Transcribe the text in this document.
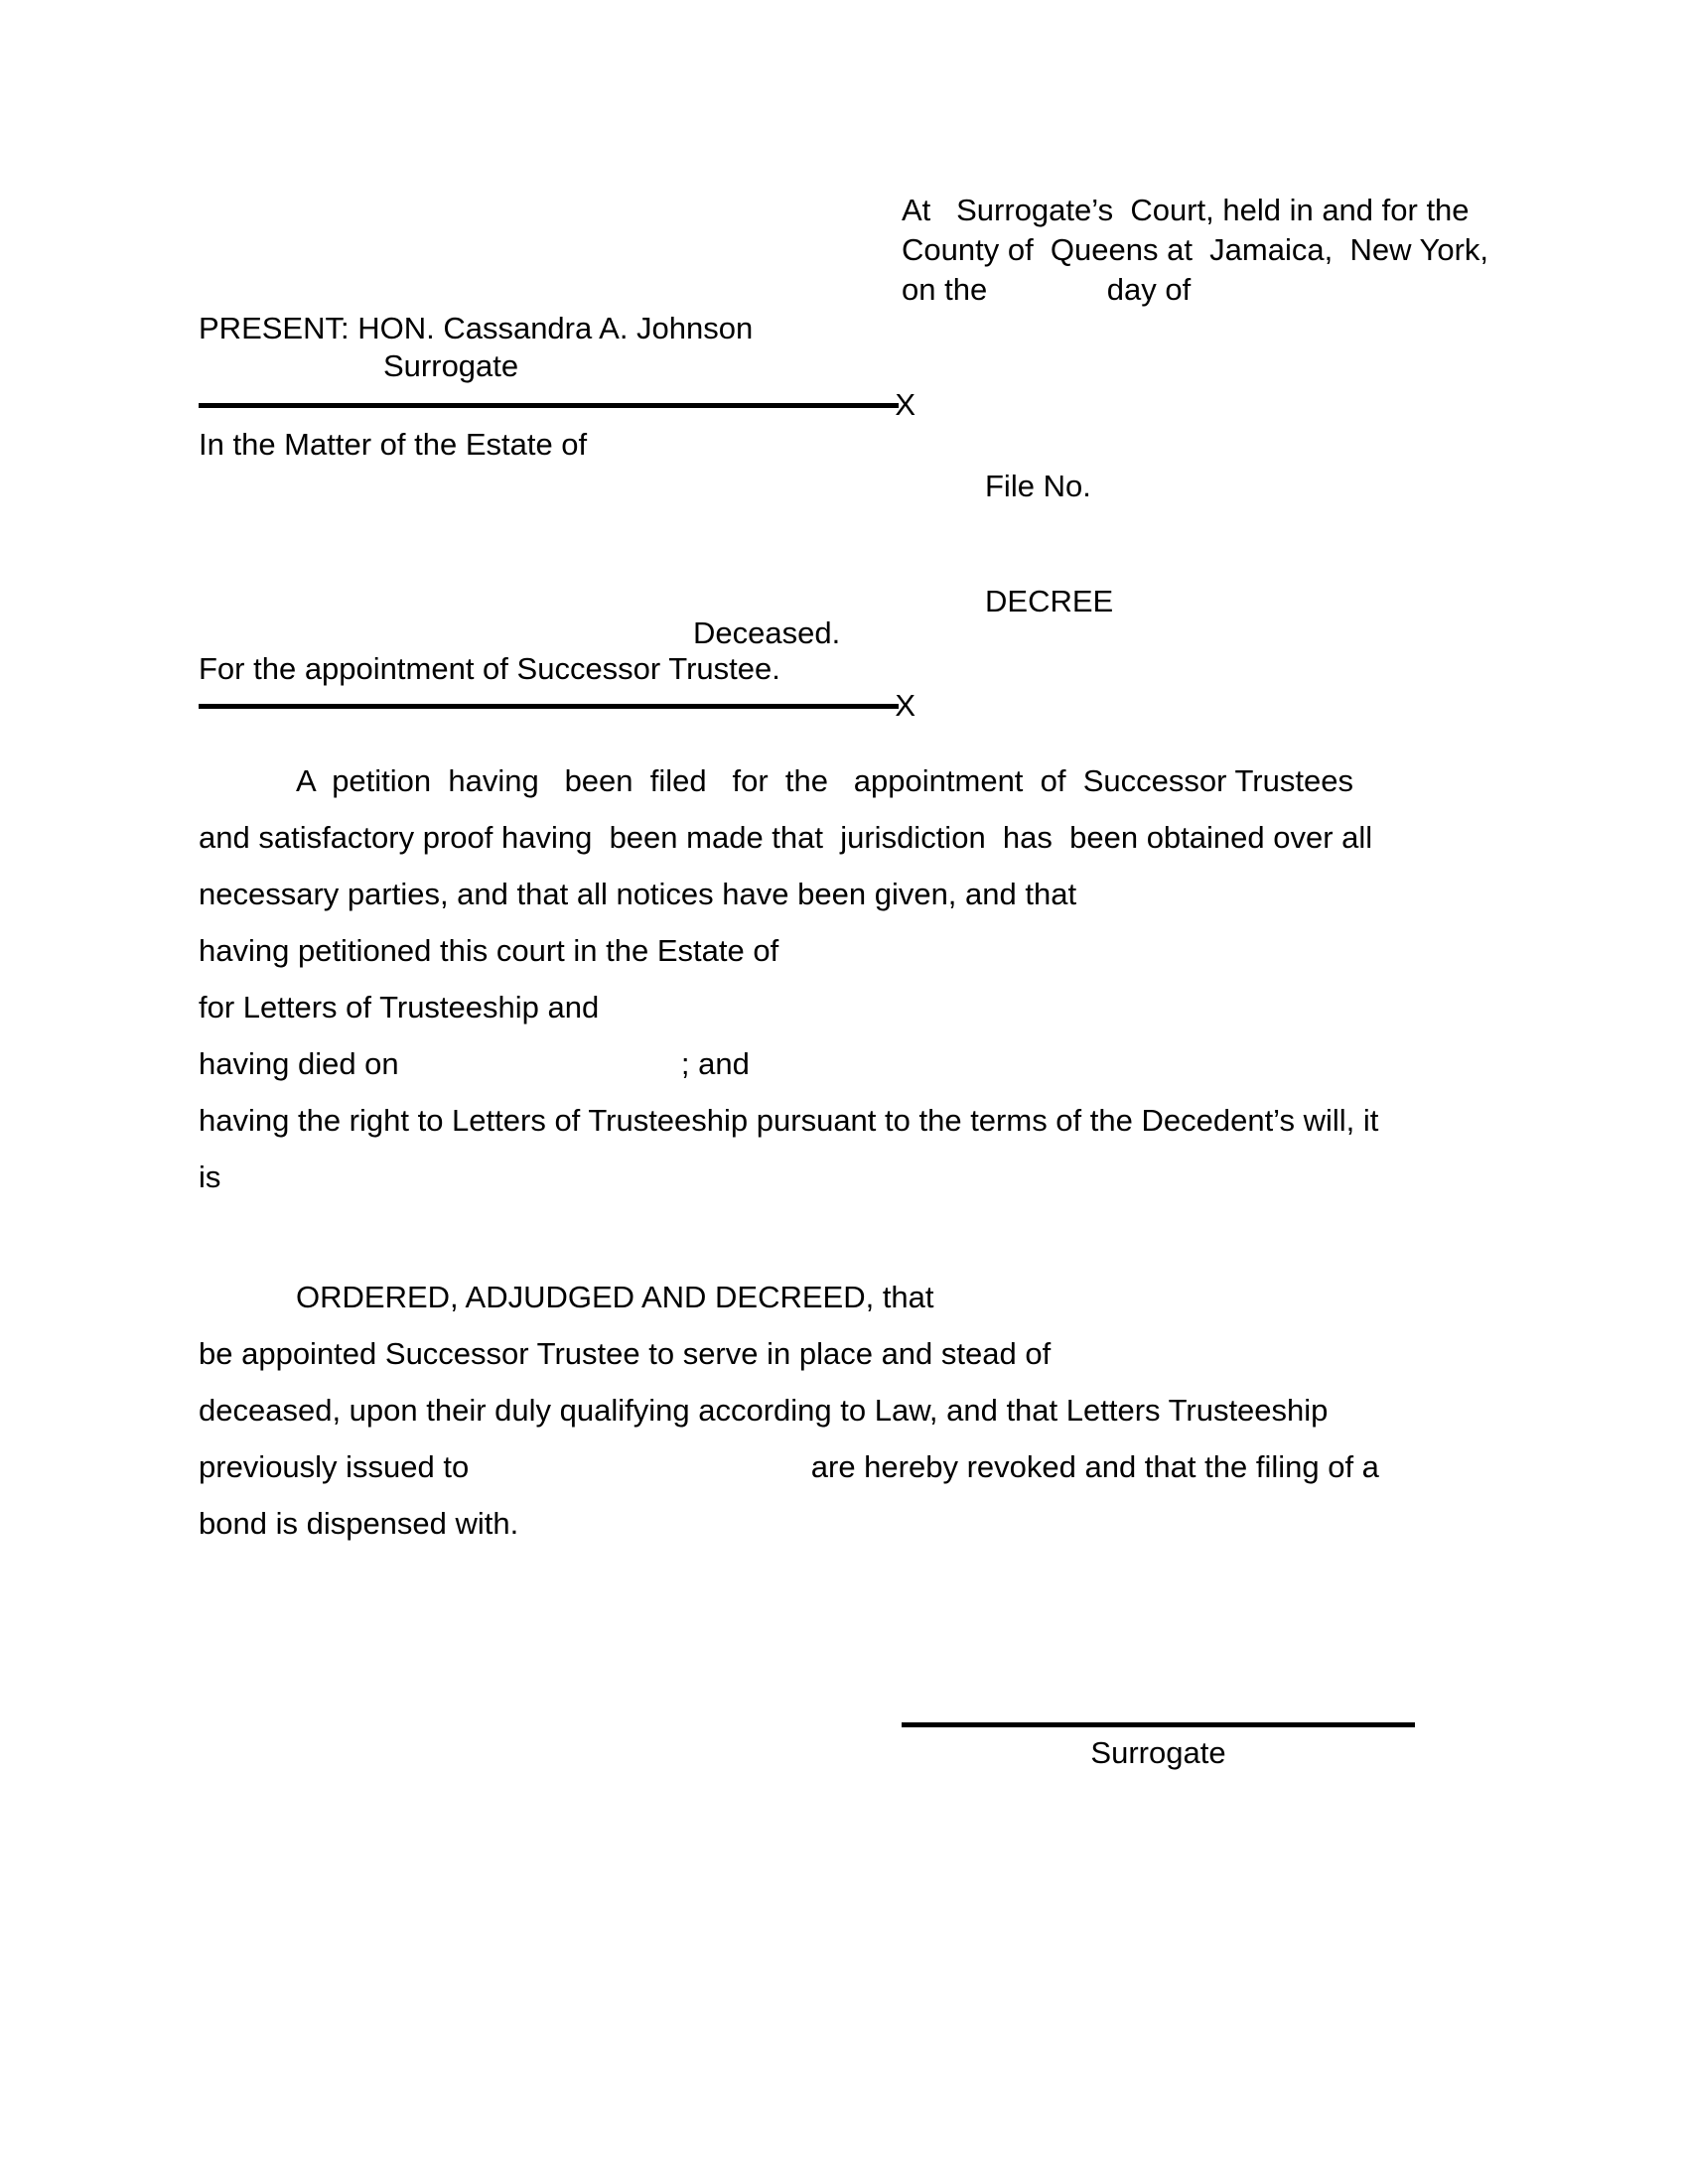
At   Surrogate’s  Court, held in and for the
County of  Queens at  Jamaica,  New York,
on the              day of
PRESENT: HON. Cassandra A. Johnson
Surrogate
X
In the Matter of the Estate of
File No.
DECREE
Deceased.
For the appointment of Successor Trustee.
X
A  petition  having   been  filed   for  the   appointment  of  Successor Trustees
and satisfactory proof having  been made that  jurisdiction  has  been obtained over all
necessary parties, and that all notices have been given, and that
having petitioned this court in the Estate of
for Letters of Trusteeship and
having died on                                 ; and
having the right to Letters of Trusteeship pursuant to the terms of the Decedent’s will, it
is
ORDERED, ADJUDGED AND DECREED, that
be appointed Successor Trustee to serve in place and stead of
deceased, upon their duly qualifying according to Law, and that Letters Trusteeship
previously issued to                                        are hereby revoked and that the filing of a
bond is dispensed with.
Surrogate
